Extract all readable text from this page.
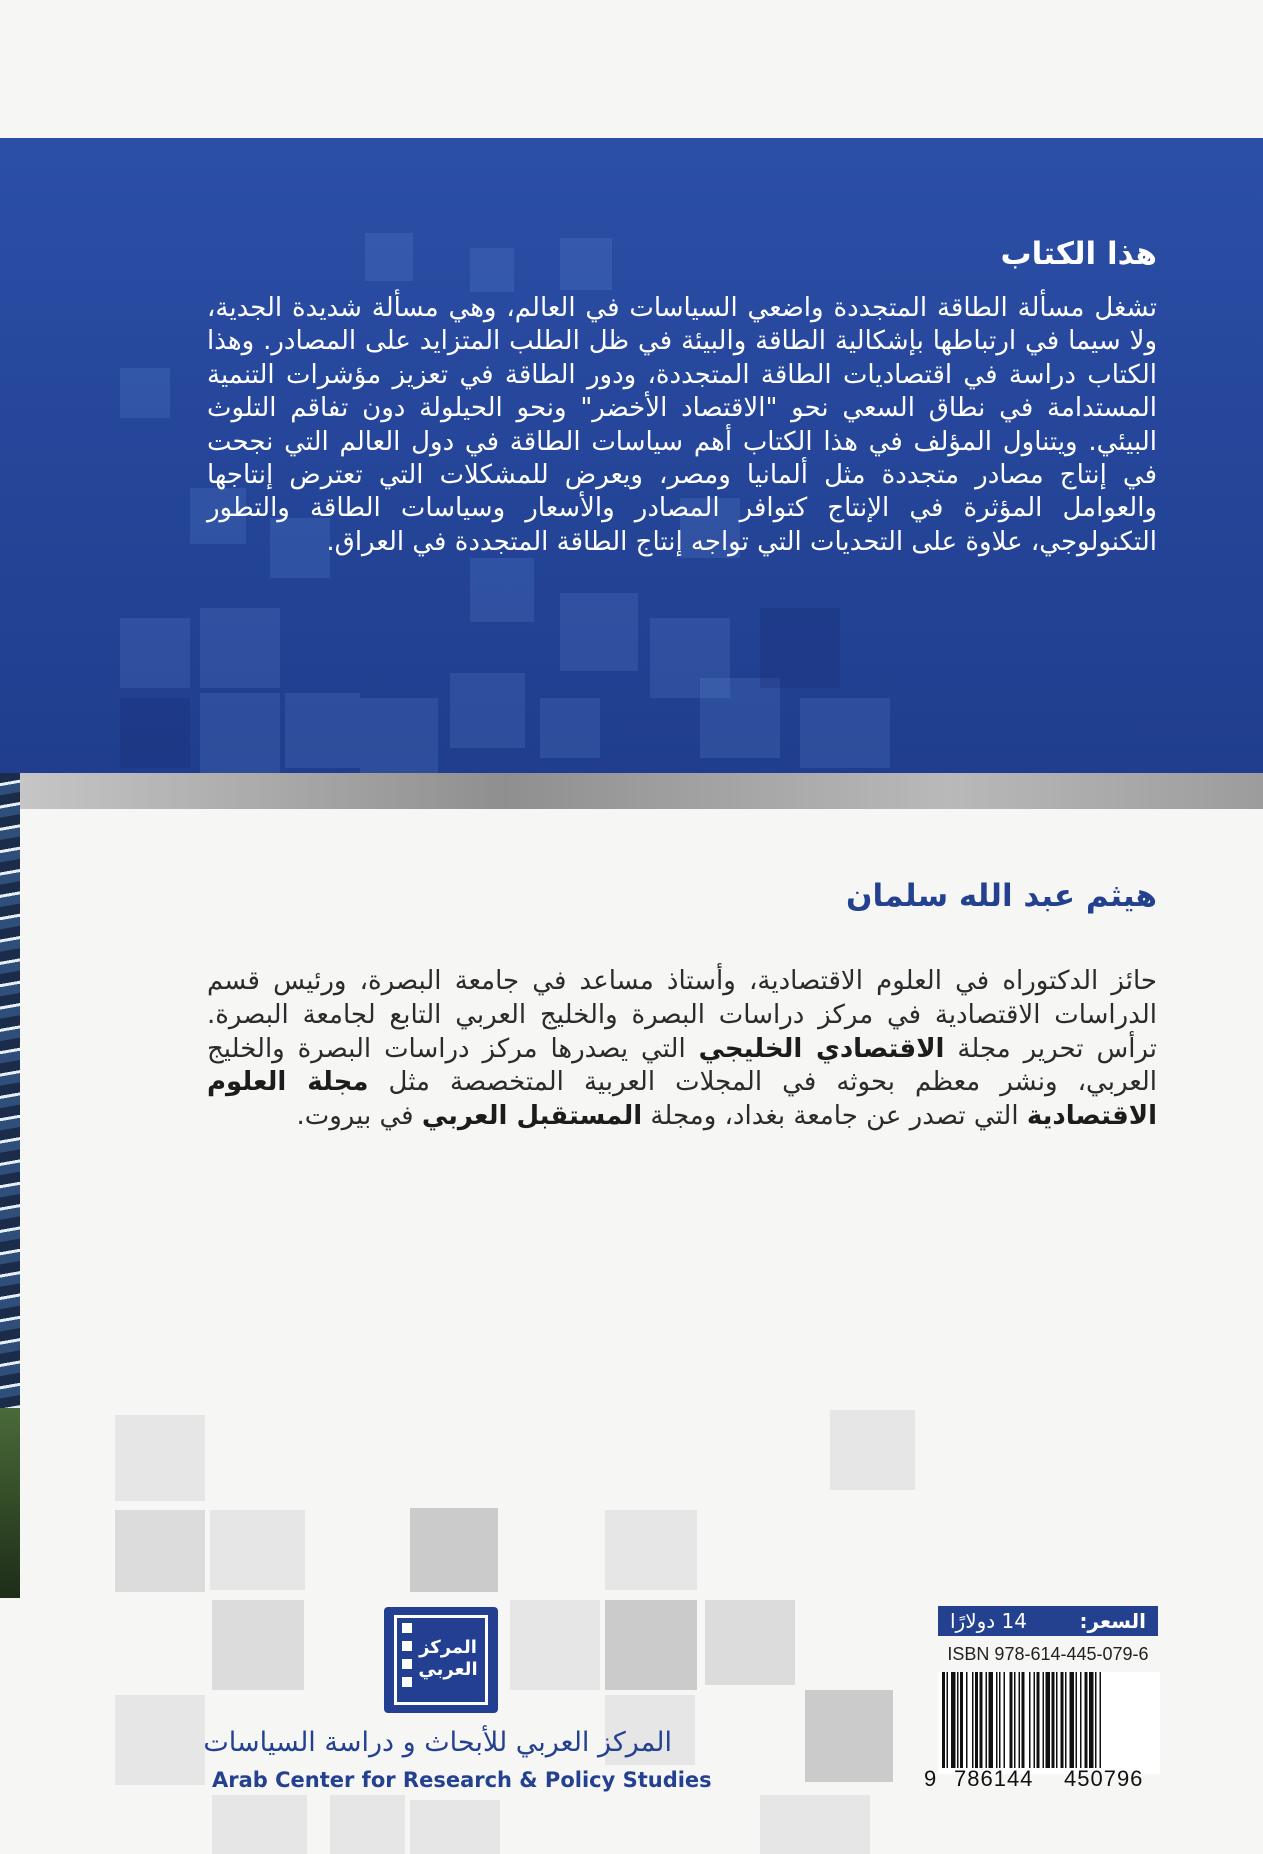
هذا الكتاب
تشغل مسألة الطاقة المتجددة واضعي السياسات في العالم، وهي مسألة شديدة الجدية، ولا سيما في ارتباطها بإشكالية الطاقة والبيئة في ظل الطلب المتزايد على المصادر. وهذا الكتاب دراسة في اقتصاديات الطاقة المتجددة، ودور الطاقة في تعزيز مؤشرات التنمية المستدامة في نطاق السعي نحو "الاقتصاد الأخضر" ونحو الحيلولة دون تفاقم التلوث البيئي. ويتناول المؤلف في هذا الكتاب أهم سياسات الطاقة في دول العالم التي نجحت في إنتاج مصادر متجددة مثل ألمانيا ومصر، ويعرض للمشكلات التي تعترض إنتاجها والعوامل المؤثرة في الإنتاج كتوافر المصادر والأسعار وسياسات الطاقة والتطور التكنولوجي، علاوة على التحديات التي تواجه إنتاج الطاقة المتجددة في العراق.
هيثم عبد الله سلمان
حائز الدكتوراه في العلوم الاقتصادية، وأستاذ مساعد في جامعة البصرة، ورئيس قسم الدراسات الاقتصادية في مركز دراسات البصرة والخليج العربي التابع لجامعة البصرة. ترأس تحرير مجلة الاقتصادي الخليجي التي يصدرها مركز دراسات البصرة والخليج العربي، ونشر معظم بحوثه في المجلات العربية المتخصصة مثل مجلة العلوم الاقتصادية التي تصدر عن جامعة بغداد، ومجلة المستقبل العربي في بيروت.
المركز العربي
المركز العربي للأبحاث و دراسة السياسات
Arab Center for Research & Policy Studies
السعر:
14 دولارًا
ISBN 978-614-445-079-6
9 786144 450796
